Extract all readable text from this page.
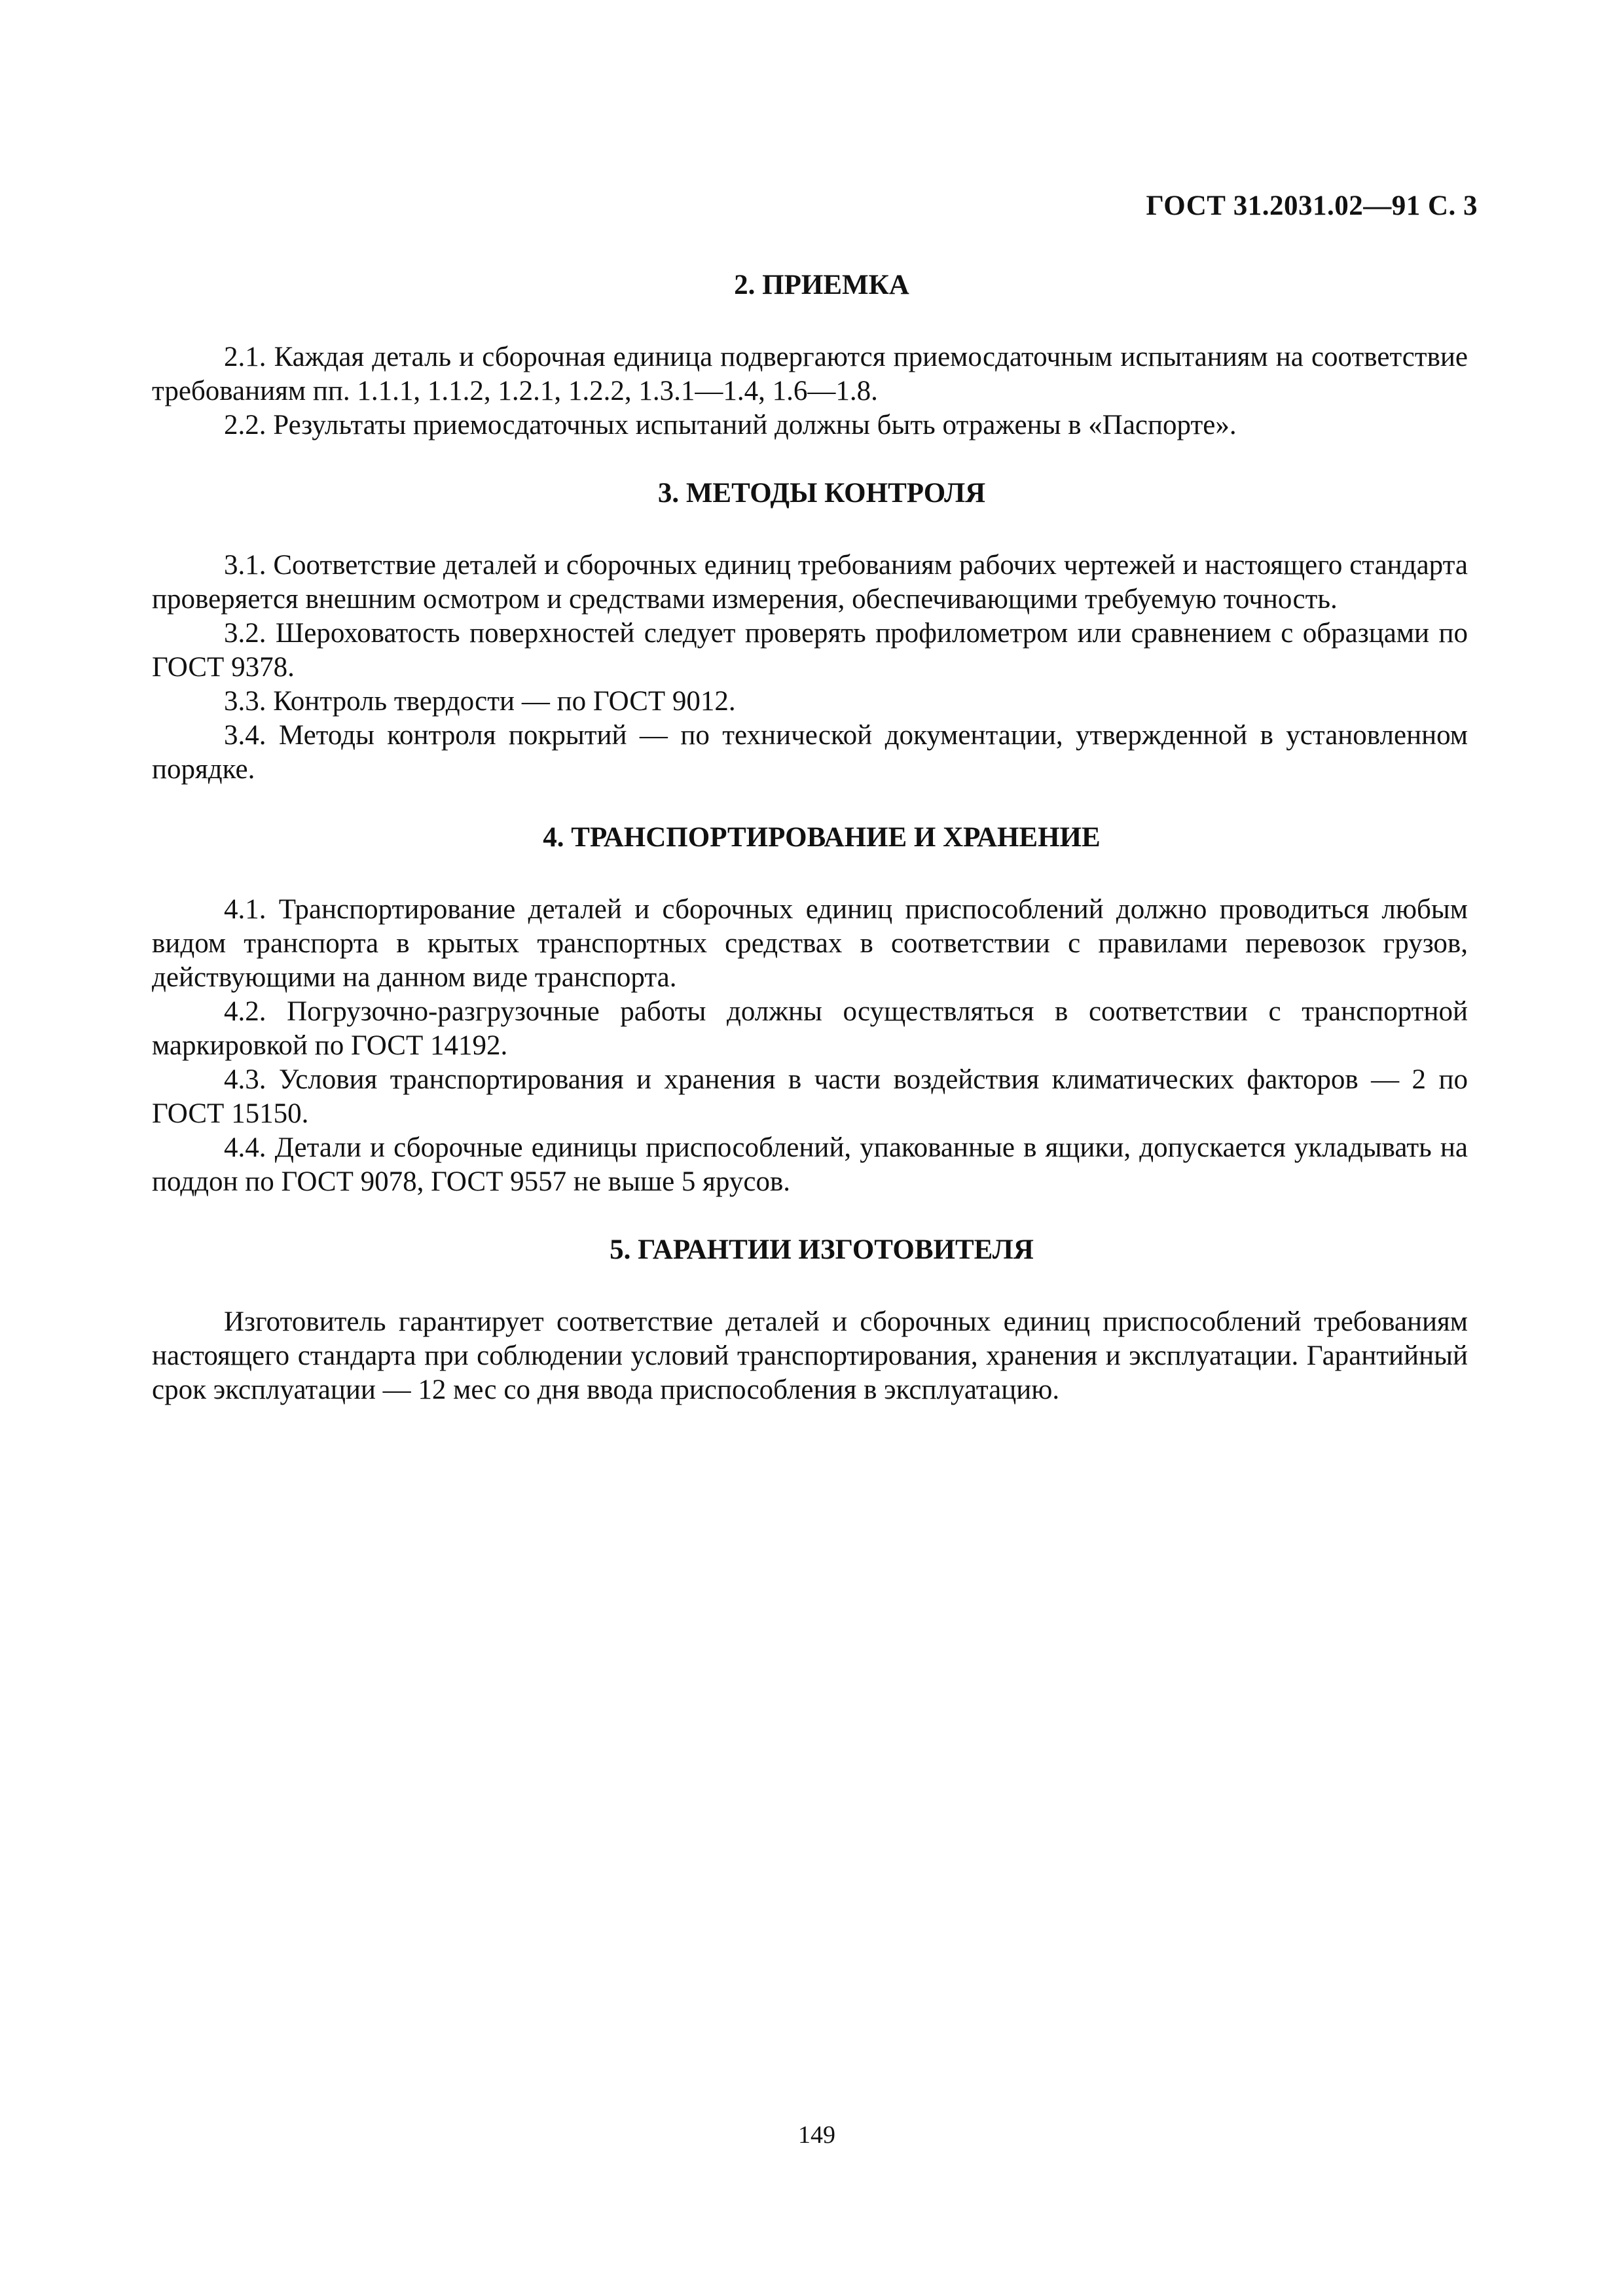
ГОСТ 31.2031.02—91 С. 3
2. ПРИЕМКА

2.1. Каждая деталь и сборочная единица подвергаются приемосдаточным испытаниям на соответствие требованиям пп. 1.1.1, 1.1.2, 1.2.1, 1.2.2, 1.3.1—1.4, 1.6—1.8.

2.2. Результаты приемосдаточных испытаний должны быть отражены в «Паспорте».

3. МЕТОДЫ КОНТРОЛЯ

3.1. Соответствие деталей и сборочных единиц требованиям рабочих чертежей и настоящего стандарта проверяется внешним осмотром и средствами измерения, обеспечивающими требуемую точность.

3.2. Шероховатость поверхностей следует проверять профилометром или сравнением с образцами по ГОСТ 9378.

3.3. Контроль твердости — по ГОСТ 9012.

3.4. Методы контроля покрытий — по технической документации, утвержденной в установленном порядке.

4. ТРАНСПОРТИРОВАНИЕ И ХРАНЕНИЕ

4.1. Транспортирование деталей и сборочных единиц приспособлений должно проводиться любым видом транспорта в крытых транспортных средствах в соответствии с правилами перевозок грузов, действующими на данном виде транспорта.

4.2. Погрузочно-разгрузочные работы должны осуществляться в соответствии с транспортной маркировкой по ГОСТ 14192.

4.3. Условия транспортирования и хранения в части воздействия климатических факторов — 2 по ГОСТ 15150.

4.4. Детали и сборочные единицы приспособлений, упакованные в ящики, допускается укладывать на поддон по ГОСТ 9078, ГОСТ 9557 не выше 5 ярусов.

5. ГАРАНТИИ ИЗГОТОВИТЕЛЯ

Изготовитель гарантирует соответствие деталей и сборочных единиц приспособлений требованиям настоящего стандарта при соблюдении условий транспортирования, хранения и эксплуатации. Гарантийный срок эксплуатации — 12 мес со дня ввода приспособления в эксплуатацию.

149
